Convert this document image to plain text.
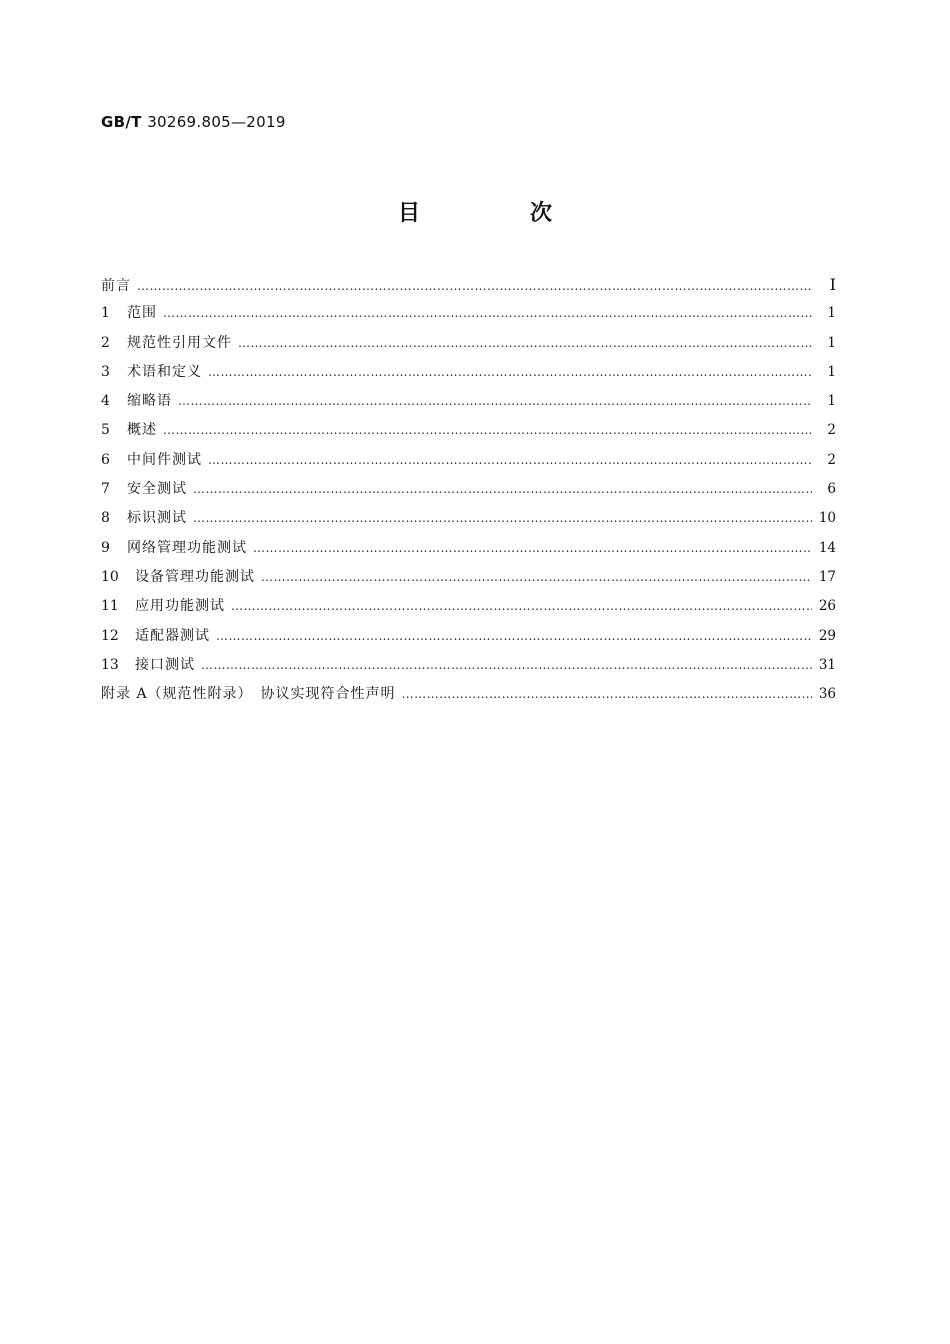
GB/T 30269.805—2019
目　次
前言 …………………………………………………………………………………………………………………………………………………………………………………………………………	I
1	范围 …………………………………………………………………………………………………………………………………………………………………………………………………………	1
2	规范性引用文件 …………………………………………………………………………………………………………………………………………………………………………………………………………	1
3	术语和定义 …………………………………………………………………………………………………………………………………………………………………………………………………………	1
4	缩略语 …………………………………………………………………………………………………………………………………………………………………………………………………………	1
5	概述 …………………………………………………………………………………………………………………………………………………………………………………………………………	2
6	中间件测试 …………………………………………………………………………………………………………………………………………………………………………………………………………	2
7	安全测试 …………………………………………………………………………………………………………………………………………………………………………………………………………	6
8	标识测试 …………………………………………………………………………………………………………………………………………………………………………………………………………	10
9	网络管理功能测试 …………………………………………………………………………………………………………………………………………………………………………………………………………	14
10	设备管理功能测试 …………………………………………………………………………………………………………………………………………………………………………………………………………	17
11	应用功能测试 …………………………………………………………………………………………………………………………………………………………………………………………………………	26
12	适配器测试 …………………………………………………………………………………………………………………………………………………………………………………………………………	29
13	接口测试 …………………………………………………………………………………………………………………………………………………………………………………………………………	31
附录 A（规范性附录）　协议实现符合性声明 …………………………………………………………………………………………………………………………………………………………………………………………………………	36
